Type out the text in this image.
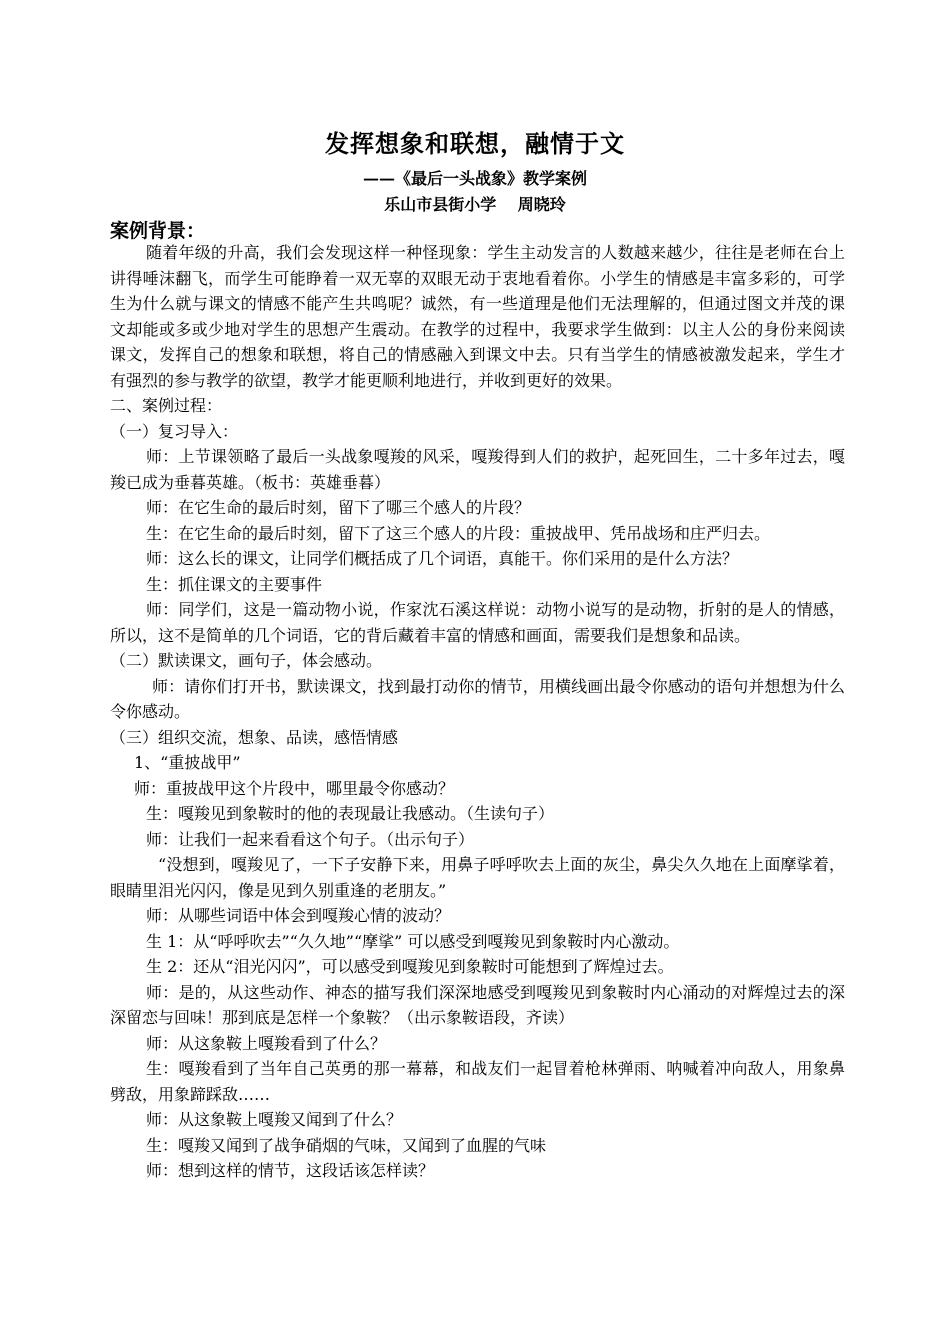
发挥想象和联想，融情于文
——《最后一头战象》教学案例
乐山市县街小学　 周晓玲
案例背景：

随着年级的升高，我们会发现这样一种怪现象：学生主动发言的人数越来越少，往往是老师在台上讲得唾沫翻飞，而学生可能睁着一双无辜的双眼无动于衷地看着你。小学生的情感是丰富多彩的，可学生为什么就与课文的情感不能产生共鸣呢？诚然，有一些道理是他们无法理解的，但通过图文并茂的课文却能或多或少地对学生的思想产生震动。在教学的过程中，我要求学生做到：以主人公的身份来阅读课文，发挥自己的想象和联想，将自己的情感融入到课文中去。只有当学生的情感被激发起来，学生才有强烈的参与教学的欲望，教学才能更顺利地进行，并收到更好的效果。

二、案例过程：

（一）复习导入：

师：上节课领略了最后一头战象嘎羧的风采，嘎羧得到人们的救护，起死回生，二十多年过去，嘎羧已成为垂暮英雄。（板书：英雄垂暮）

师：在它生命的最后时刻，留下了哪三个感人的片段？

生：在它生命的最后时刻，留下了这三个感人的片段：重披战甲、凭吊战场和庄严归去。

师：这么长的课文，让同学们概括成了几个词语，真能干。你们采用的是什么方法？

生：抓住课文的主要事件

师：同学们，这是一篇动物小说，作家沈石溪这样说：动物小说写的是动物，折射的是人的情感，所以，这不是简单的几个词语，它的背后藏着丰富的情感和画面，需要我们是想象和品读。

（二）默读课文，画句子，体会感动。

师：请你们打开书，默读课文，找到最打动你的情节，用横线画出最令你感动的语句并想想为什么令你感动。

（三）组织交流，想象、品读，感悟情感

1、“重披战甲”

师：重披战甲这个片段中，哪里最令你感动？

生：嘎羧见到象鞍时的他的表现最让我感动。（生读句子）

师：让我们一起来看看这个句子。（出示句子）

“没想到，嘎羧见了，一下子安静下来，用鼻子呼呼吹去上面的灰尘，鼻尖久久地在上面摩挲着，眼睛里泪光闪闪，像是见到久别重逢的老朋友。”

师：从哪些词语中体会到嘎羧心情的波动？

生 1：从“呼呼吹去”“久久地”“摩挲” 可以感受到嘎羧见到象鞍时内心激动。

生 2：还从“泪光闪闪”，可以感受到嘎羧见到象鞍时可能想到了辉煌过去。

师：是的，从这些动作、神态的描写我们深深地感受到嘎羧见到象鞍时内心涌动的对辉煌过去的深深留恋与回味！那到底是怎样一个象鞍？（出示象鞍语段，齐读）

师：从这象鞍上嘎羧看到了什么？

生：嘎羧看到了当年自己英勇的那一幕幕，和战友们一起冒着枪林弹雨、呐喊着冲向敌人，用象鼻劈敌，用象蹄踩敌……

师：从这象鞍上嘎羧又闻到了什么？

生：嘎羧又闻到了战争硝烟的气味，又闻到了血腥的气味

师：想到这样的情节，这段话该怎样读？
